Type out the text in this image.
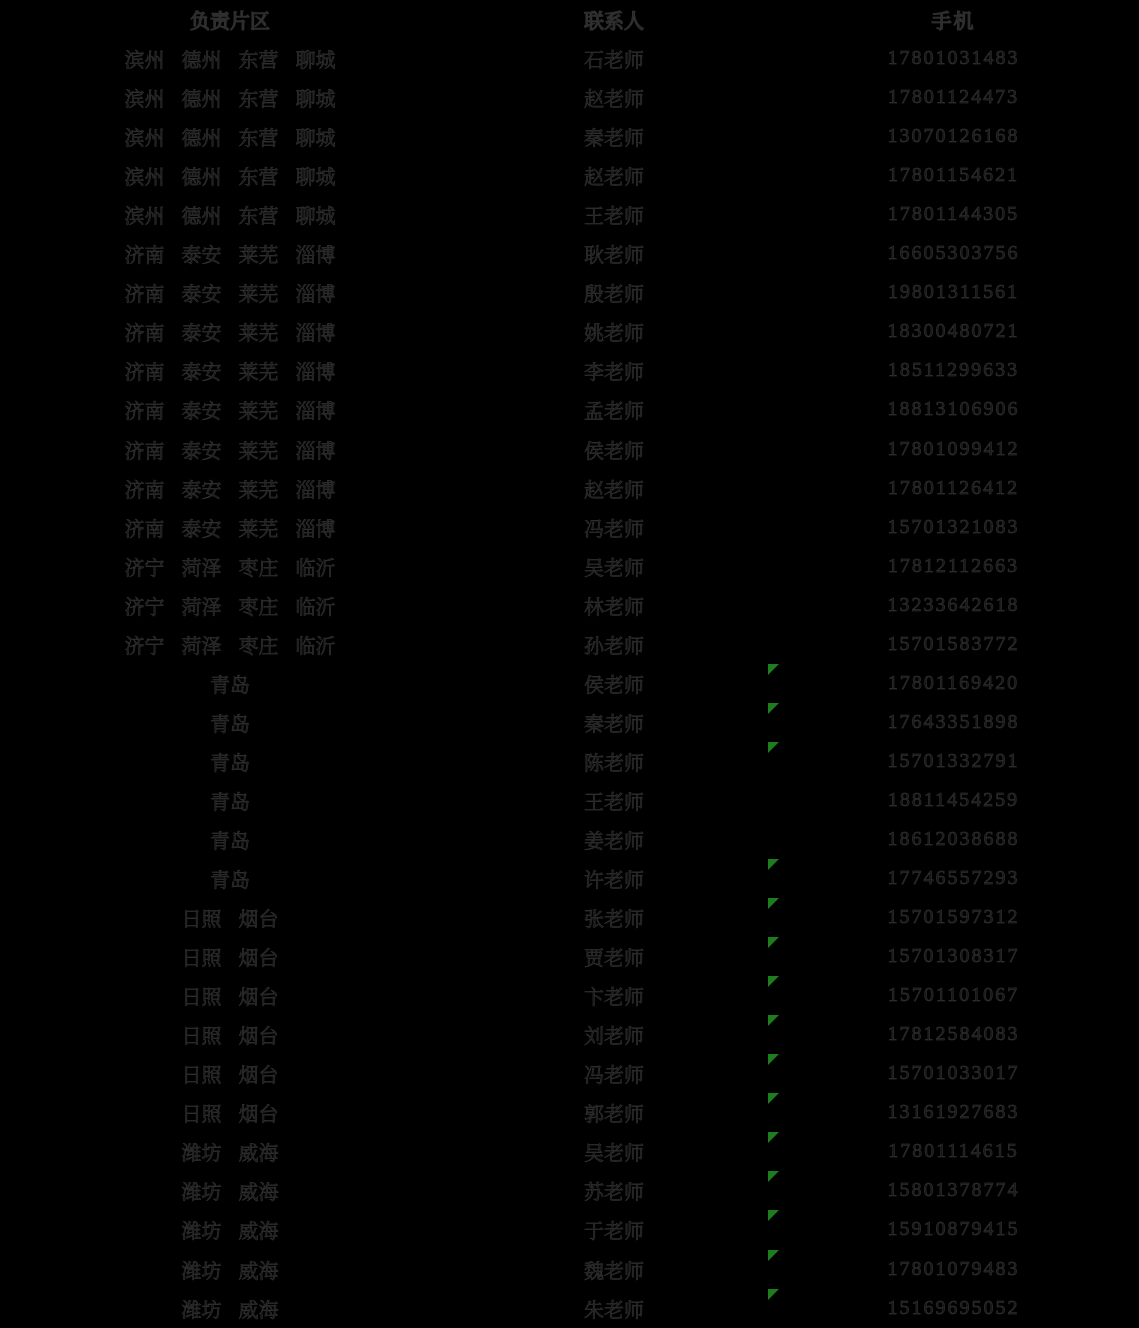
负责片区	联系人	手机
滨州 德州 东营 聊城	石老师	17801031483
滨州 德州 东营 聊城	赵老师	17801124473
滨州 德州 东营 聊城	秦老师	13070126168
滨州 德州 东营 聊城	赵老师	17801154621
滨州 德州 东营 聊城	王老师	17801144305
济南 泰安 莱芜 淄博	耿老师	16605303756
济南 泰安 莱芜 淄博	殷老师	19801311561
济南 泰安 莱芜 淄博	姚老师	18300480721
济南 泰安 莱芜 淄博	李老师	18511299633
济南 泰安 莱芜 淄博	孟老师	18813106906
济南 泰安 莱芜 淄博	侯老师	17801099412
济南 泰安 莱芜 淄博	赵老师	17801126412
济南 泰安 莱芜 淄博	冯老师	15701321083
济宁 菏泽 枣庄 临沂	吴老师	17812112663
济宁 菏泽 枣庄 临沂	林老师	13233642618
济宁 菏泽 枣庄 临沂	孙老师	15701583772
青岛	侯老师	17801169420
青岛	秦老师	17643351898
青岛	陈老师	15701332791
青岛	王老师	18811454259
青岛	姜老师	18612038688
青岛	许老师	17746557293
日照 烟台	张老师	15701597312
日照 烟台	贾老师	15701308317
日照 烟台	卞老师	15701101067
日照 烟台	刘老师	17812584083
日照 烟台	冯老师	15701033017
日照 烟台	郭老师	13161927683
潍坊 威海	吴老师	17801114615
潍坊 威海	苏老师	15801378774
潍坊 威海	于老师	15910879415
潍坊 威海	魏老师	17801079483
潍坊 威海	朱老师	15169695052
